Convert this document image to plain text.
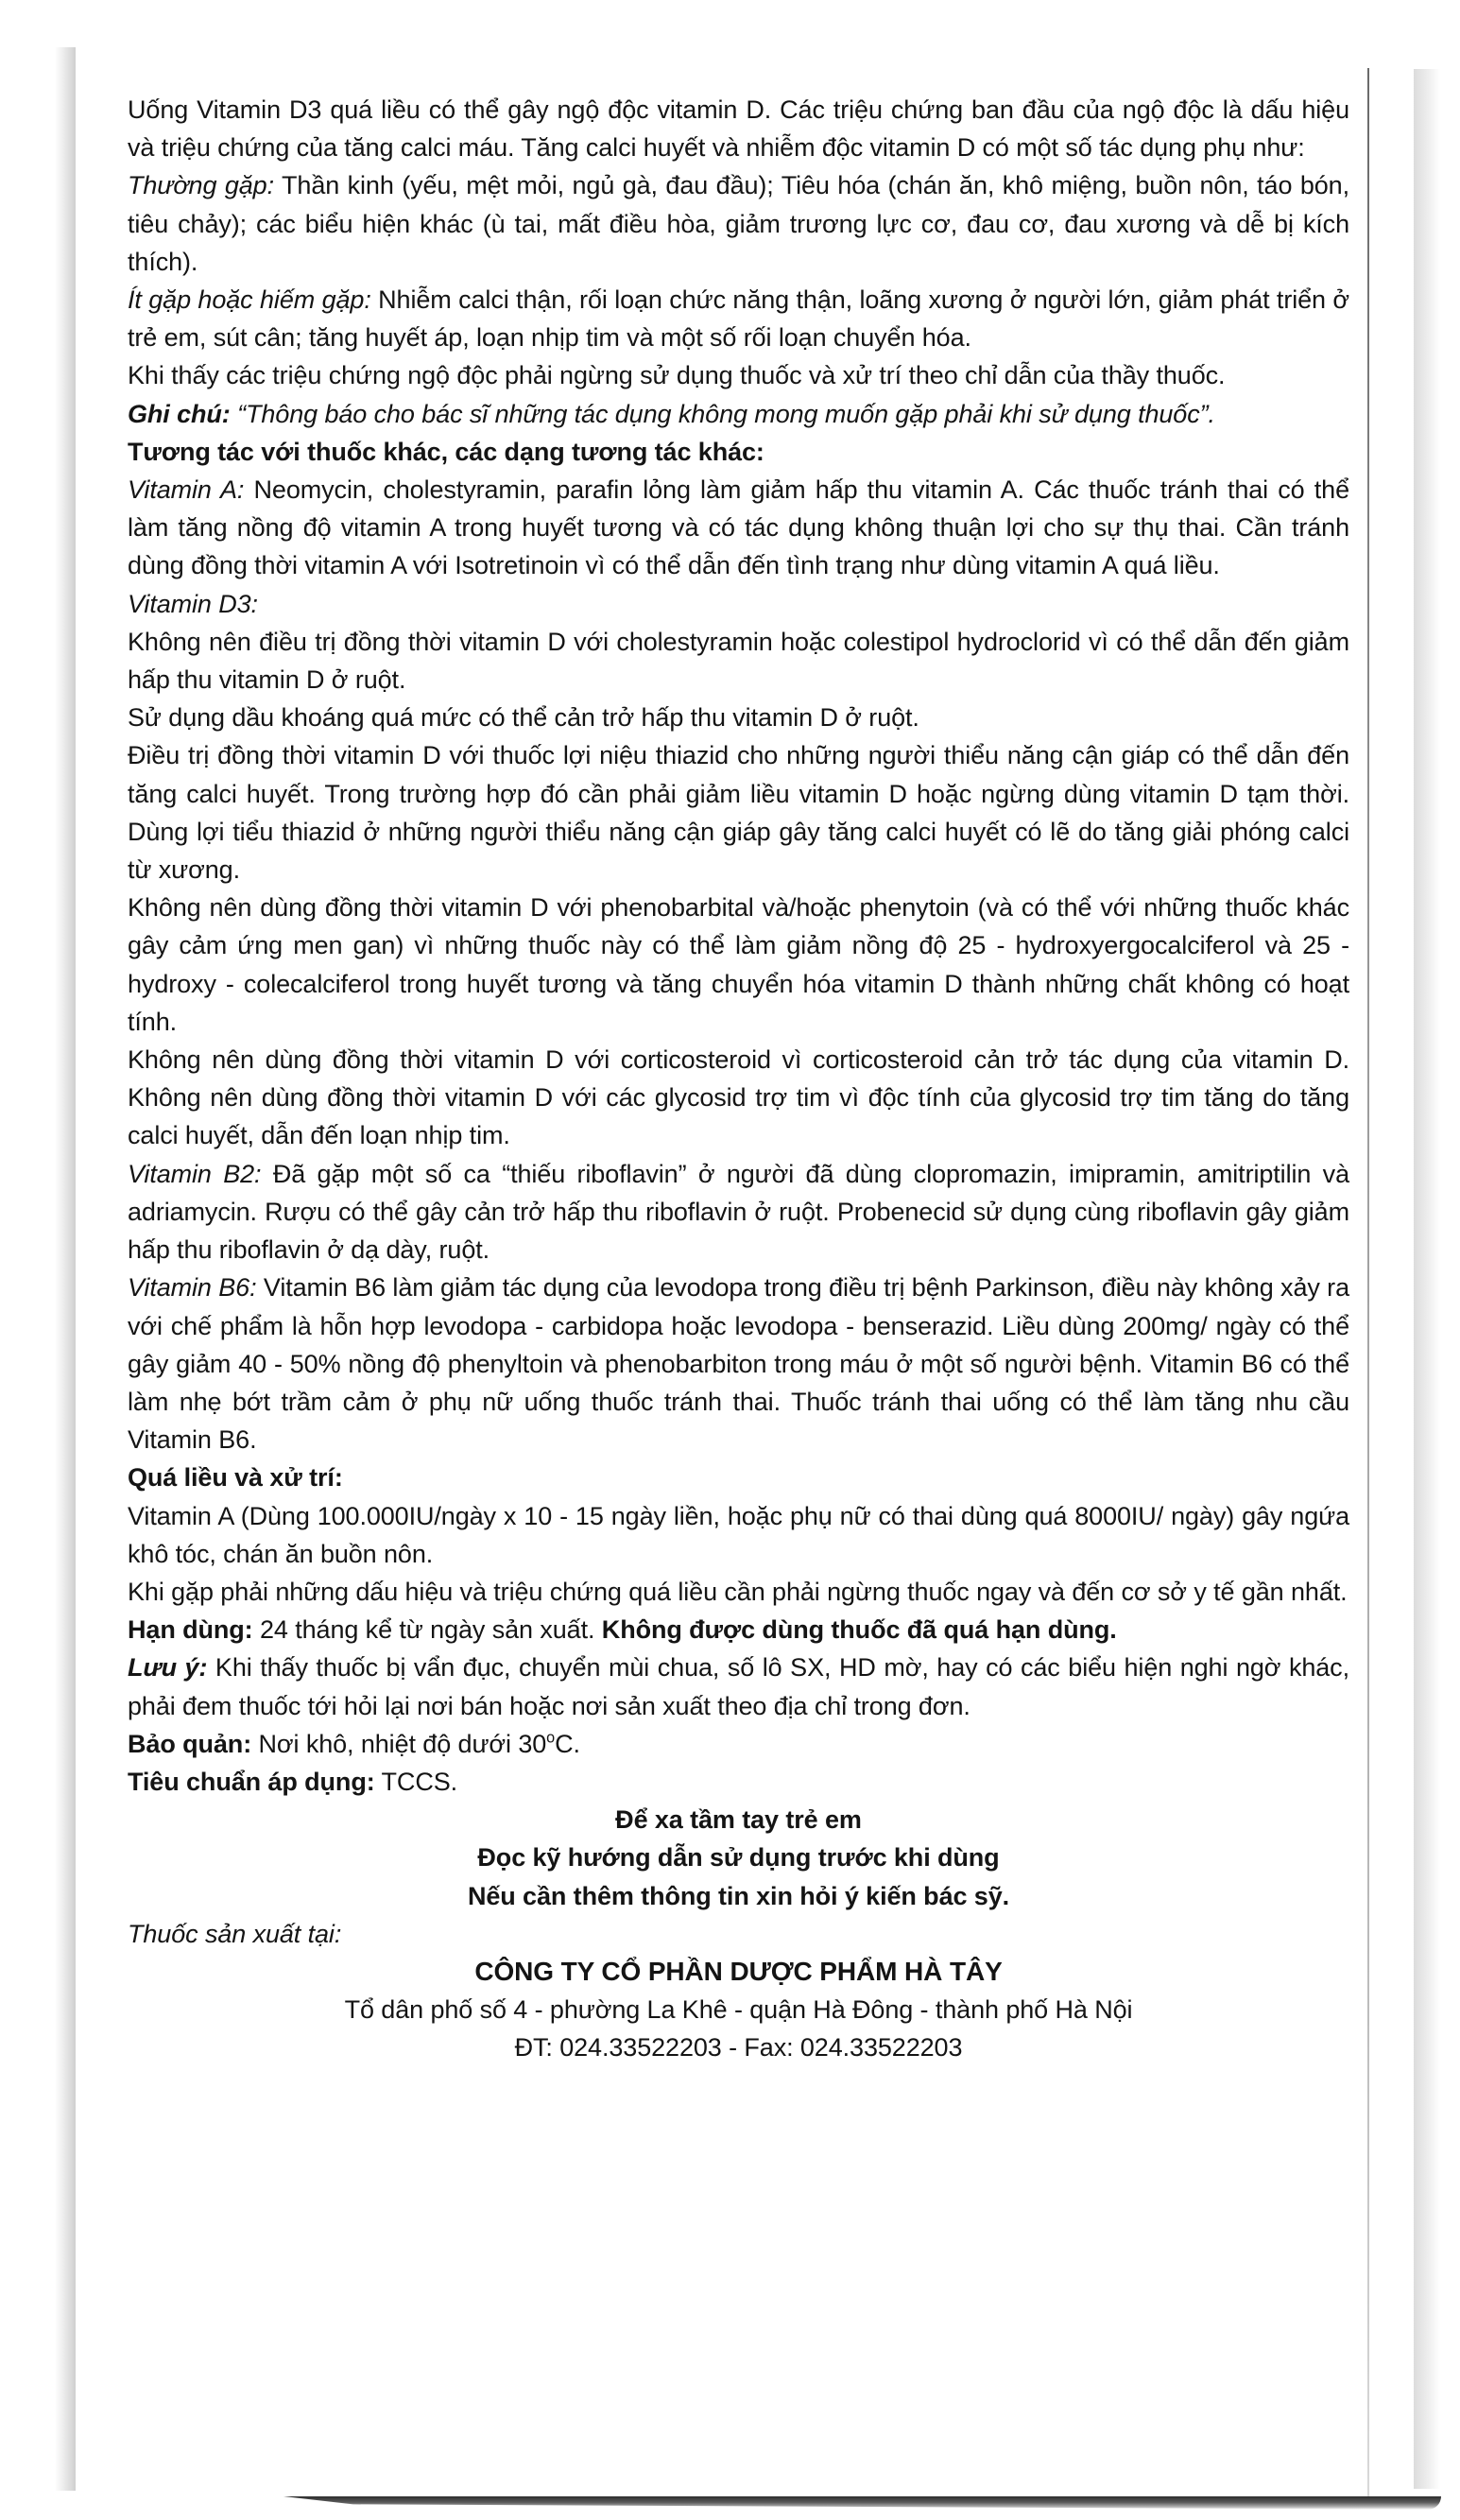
Uống Vitamin D3 quá liều có thể gây ngộ độc vitamin D. Các triệu chứng ban đầu của ngộ độc là dấu hiệu và triệu chứng của tăng calci máu. Tăng calci huyết và nhiễm độc vitamin D có một số tác dụng phụ như:

Thường gặp: Thần kinh (yếu, mệt mỏi, ngủ gà, đau đầu); Tiêu hóa (chán ăn, khô miệng, buồn nôn, táo bón, tiêu chảy); các biểu hiện khác (ù tai, mất điều hòa, giảm trương lực cơ, đau cơ, đau xương và dễ bị kích thích).

Ít gặp hoặc hiếm gặp: Nhiễm calci thận, rối loạn chức năng thận, loãng xương ở người lớn, giảm phát triển ở trẻ em, sút cân; tăng huyết áp, loạn nhịp tim và một số rối loạn chuyển hóa.

Khi thấy các triệu chứng ngộ độc phải ngừng sử dụng thuốc và xử trí theo chỉ dẫn của thầy thuốc.

Ghi chú: “Thông báo cho bác sĩ những tác dụng không mong muốn gặp phải khi sử dụng thuốc”.

Tương tác với thuốc khác, các dạng tương tác khác:

Vitamin A: Neomycin, cholestyramin, parafin lỏng làm giảm hấp thu vitamin A. Các thuốc tránh thai có thể làm tăng nồng độ vitamin A trong huyết tương và có tác dụng không thuận lợi cho sự thụ thai. Cần tránh dùng đồng thời vitamin A với Isotretinoin vì có thể dẫn đến tình trạng như dùng vitamin A quá liều.

Vitamin D3:

Không nên điều trị đồng thời vitamin D với cholestyramin hoặc colestipol hydroclorid vì có thể dẫn đến giảm hấp thu vitamin D ở ruột.

Sử dụng dầu khoáng quá mức có thể cản trở hấp thu vitamin D ở ruột.

Điều trị đồng thời vitamin D với thuốc lợi niệu thiazid cho những người thiểu năng cận giáp có thể dẫn đến tăng calci huyết. Trong trường hợp đó cần phải giảm liều vitamin D hoặc ngừng dùng vitamin D tạm thời. Dùng lợi tiểu thiazid ở những người thiểu năng cận giáp gây tăng calci huyết có lẽ do tăng giải phóng calci từ xương.

Không nên dùng đồng thời vitamin D với phenobarbital và/hoặc phenytoin (và có thể với những thuốc khác gây cảm ứng men gan) vì những thuốc này có thể làm giảm nồng độ 25 - hydroxyergocalciferol và 25 - hydroxy - colecalciferol trong huyết tương và tăng chuyển hóa vitamin D thành những chất không có hoạt tính.

Không nên dùng đồng thời vitamin D với corticosteroid vì corticosteroid cản trở tác dụng của vitamin D. Không nên dùng đồng thời vitamin D với các glycosid trợ tim vì độc tính của glycosid trợ tim tăng do tăng calci huyết, dẫn đến loạn nhịp tim.

Vitamin B2: Đã gặp một số ca “thiếu riboflavin” ở người đã dùng clopromazin, imipramin, amitriptilin và adriamycin. Rượu có thể gây cản trở hấp thu riboflavin ở ruột. Probenecid sử dụng cùng riboflavin gây giảm hấp thu riboflavin ở dạ dày, ruột.

Vitamin B6: Vitamin B6 làm giảm tác dụng của levodopa trong điều trị bệnh Parkinson, điều này không xảy ra với chế phẩm là hỗn hợp levodopa - carbidopa hoặc levodopa - benserazid. Liều dùng 200mg/ ngày có thể gây giảm 40 - 50% nồng độ phenyltoin và phenobarbiton trong máu ở một số người bệnh. Vitamin B6 có thể làm nhẹ bớt trầm cảm ở phụ nữ uống thuốc tránh thai. Thuốc tránh thai uống có thể làm tăng nhu cầu Vitamin B6.

Quá liều và xử trí:

Vitamin A (Dùng 100.000IU/ngày x 10 - 15 ngày liền, hoặc phụ nữ có thai dùng quá 8000IU/ ngày) gây ngứa khô tóc, chán ăn buồn nôn.

Khi gặp phải những dấu hiệu và triệu chứng quá liều cần phải ngừng thuốc ngay và đến cơ sở y tế gần nhất.

Hạn dùng: 24 tháng kể từ ngày sản xuất. Không được dùng thuốc đã quá hạn dùng.

Lưu ý: Khi thấy thuốc bị vẩn đục, chuyển mùi chua, số lô SX, HD mờ, hay có các biểu hiện nghi ngờ khác, phải đem thuốc tới hỏi lại nơi bán hoặc nơi sản xuất theo địa chỉ trong đơn.

Bảo quản: Nơi khô, nhiệt độ dưới 30$^o$C.

Tiêu chuẩn áp dụng: TCCS.

Để xa tầm tay trẻ em

Đọc kỹ hướng dẫn sử dụng trước khi dùng

Nếu cần thêm thông tin xin hỏi ý kiến bác sỹ.

Thuốc sản xuất tại:

CÔNG TY CỔ PHẦN DƯỢC PHẨM HÀ TÂY

Tổ dân phố số 4 - phường La Khê - quận Hà Đông - thành phố Hà Nội

ĐT: 024.33522203 - Fax: 024.33522203
